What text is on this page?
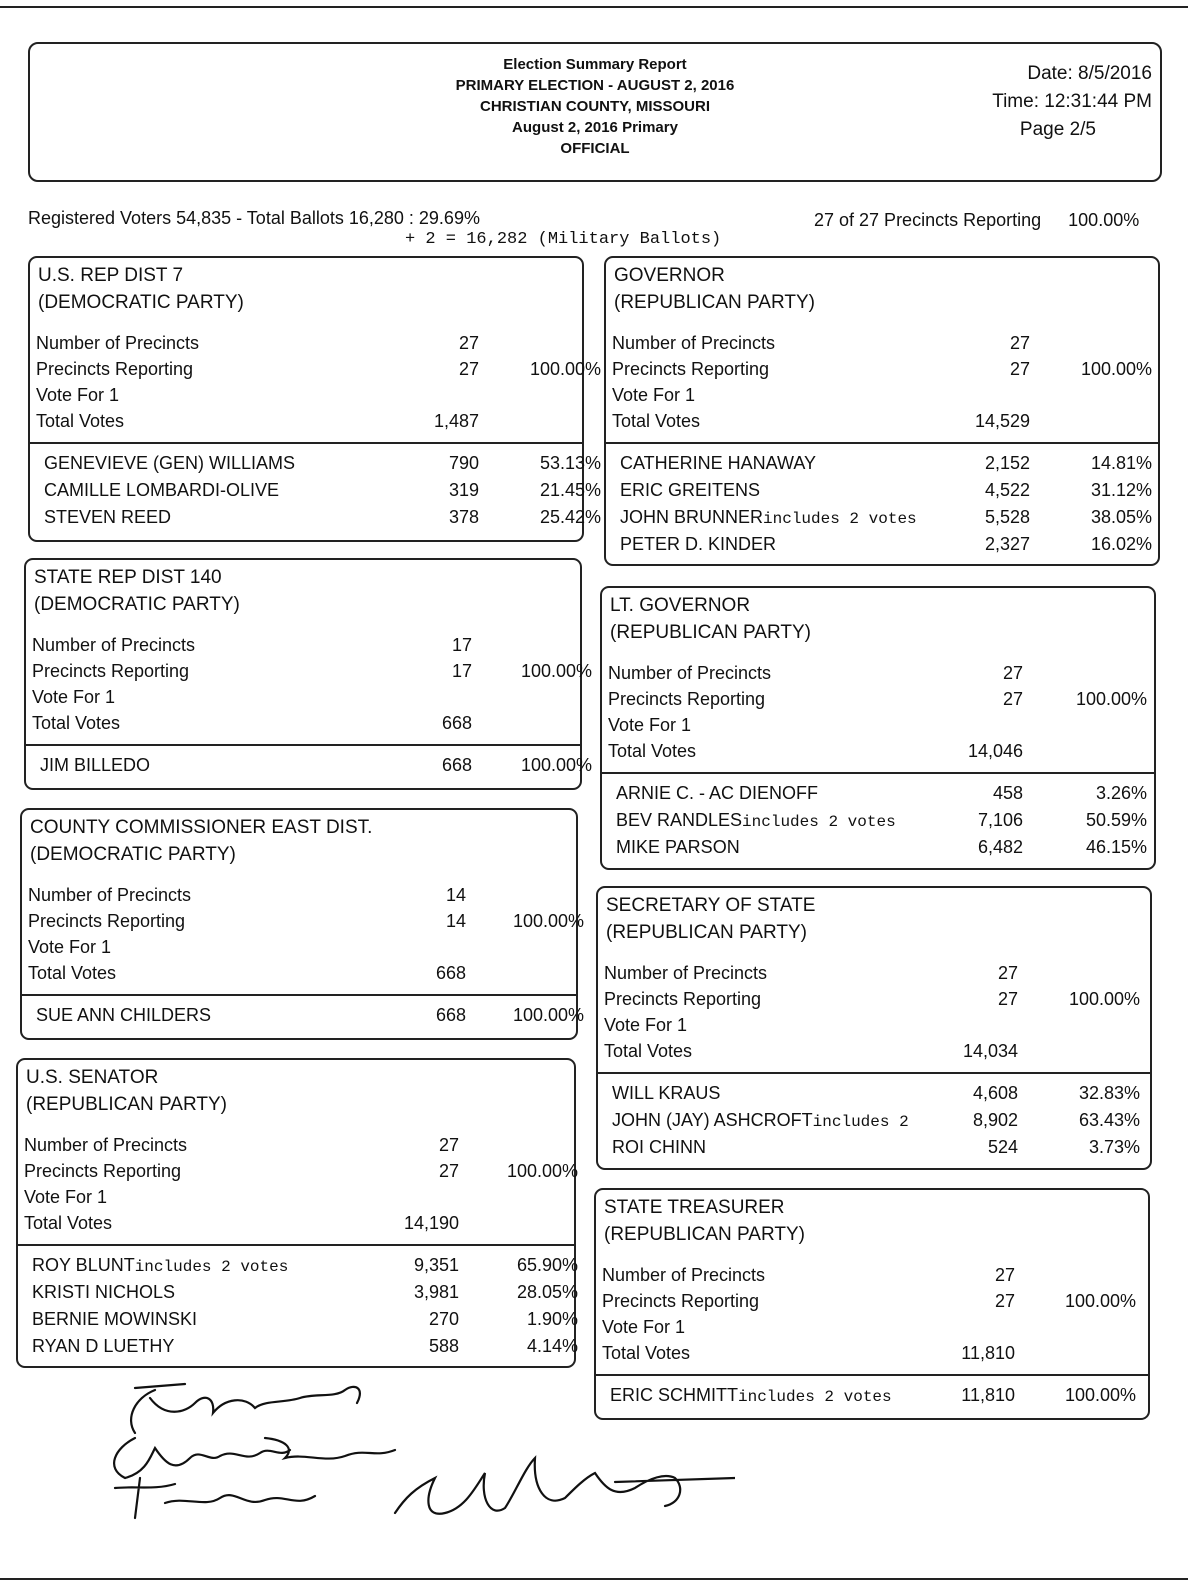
Election Summary Report
PRIMARY ELECTION - AUGUST 2, 2016
CHRISTIAN COUNTY, MISSOURI
August 2, 2016 Primary
OFFICIAL
Date: 8/5/2016
Time: 12:31:44 PM
Page 2/5
Registered Voters 54,835 - Total Ballots 16,280 : 29.69%
+ 2 = 16,282 (Military Ballots)
27 of 27 Precincts Reporting 100.00%
U.S. REP DIST 7
(DEMOCRATIC PARTY)
Number of Precincts	27
Precincts Reporting	27	100.00%
Vote For 1
Total Votes	1,487
GENEVIEVE (GEN) WILLIAMS	790	53.13%
CAMILLE LOMBARDI-OLIVE	319	21.45%
STEVEN REED	378	25.42%
STATE REP DIST 140
(DEMOCRATIC PARTY)
Number of Precincts	17
Precincts Reporting	17	100.00%
Vote For 1
Total Votes	668
JIM BILLEDO	668	100.00%
COUNTY COMMISSIONER EAST DIST.
(DEMOCRATIC PARTY)
Number of Precincts	14
Precincts Reporting	14	100.00%
Vote For 1
Total Votes	668
SUE ANN CHILDERS	668	100.00%
U.S. SENATOR
(REPUBLICAN PARTY)
Number of Precincts	27
Precincts Reporting	27	100.00%
Vote For 1
Total Votes	14,190
ROY BLUNTincludes 2 votes	9,351	65.90%
KRISTI NICHOLS	3,981	28.05%
BERNIE MOWINSKI	270	1.90%
RYAN D LUETHY	588	4.14%
GOVERNOR
(REPUBLICAN PARTY)
Number of Precincts	27
Precincts Reporting	27	100.00%
Vote For 1
Total Votes	14,529
CATHERINE HANAWAY	2,152	14.81%
ERIC GREITENS	4,522	31.12%
JOHN BRUNNERincludes 2 votes	5,528	38.05%
PETER D. KINDER	2,327	16.02%
LT. GOVERNOR
(REPUBLICAN PARTY)
Number of Precincts	27
Precincts Reporting	27	100.00%
Vote For 1
Total Votes	14,046
ARNIE C. - AC DIENOFF	458	3.26%
BEV RANDLESincludes 2 votes	7,106	50.59%
MIKE PARSON	6,482	46.15%
SECRETARY OF STATE
(REPUBLICAN PARTY)
Number of Precincts	27
Precincts Reporting	27	100.00%
Vote For 1
Total Votes	14,034
WILL KRAUS	4,608	32.83%
JOHN (JAY) ASHCROFTincludes 2	8,902	63.43%
ROI CHINN	524	3.73%
STATE TREASURER
(REPUBLICAN PARTY)
Number of Precincts	27
Precincts Reporting	27	100.00%
Vote For 1
Total Votes	11,810
ERIC SCHMITTincludes 2 votes	11,810	100.00%
